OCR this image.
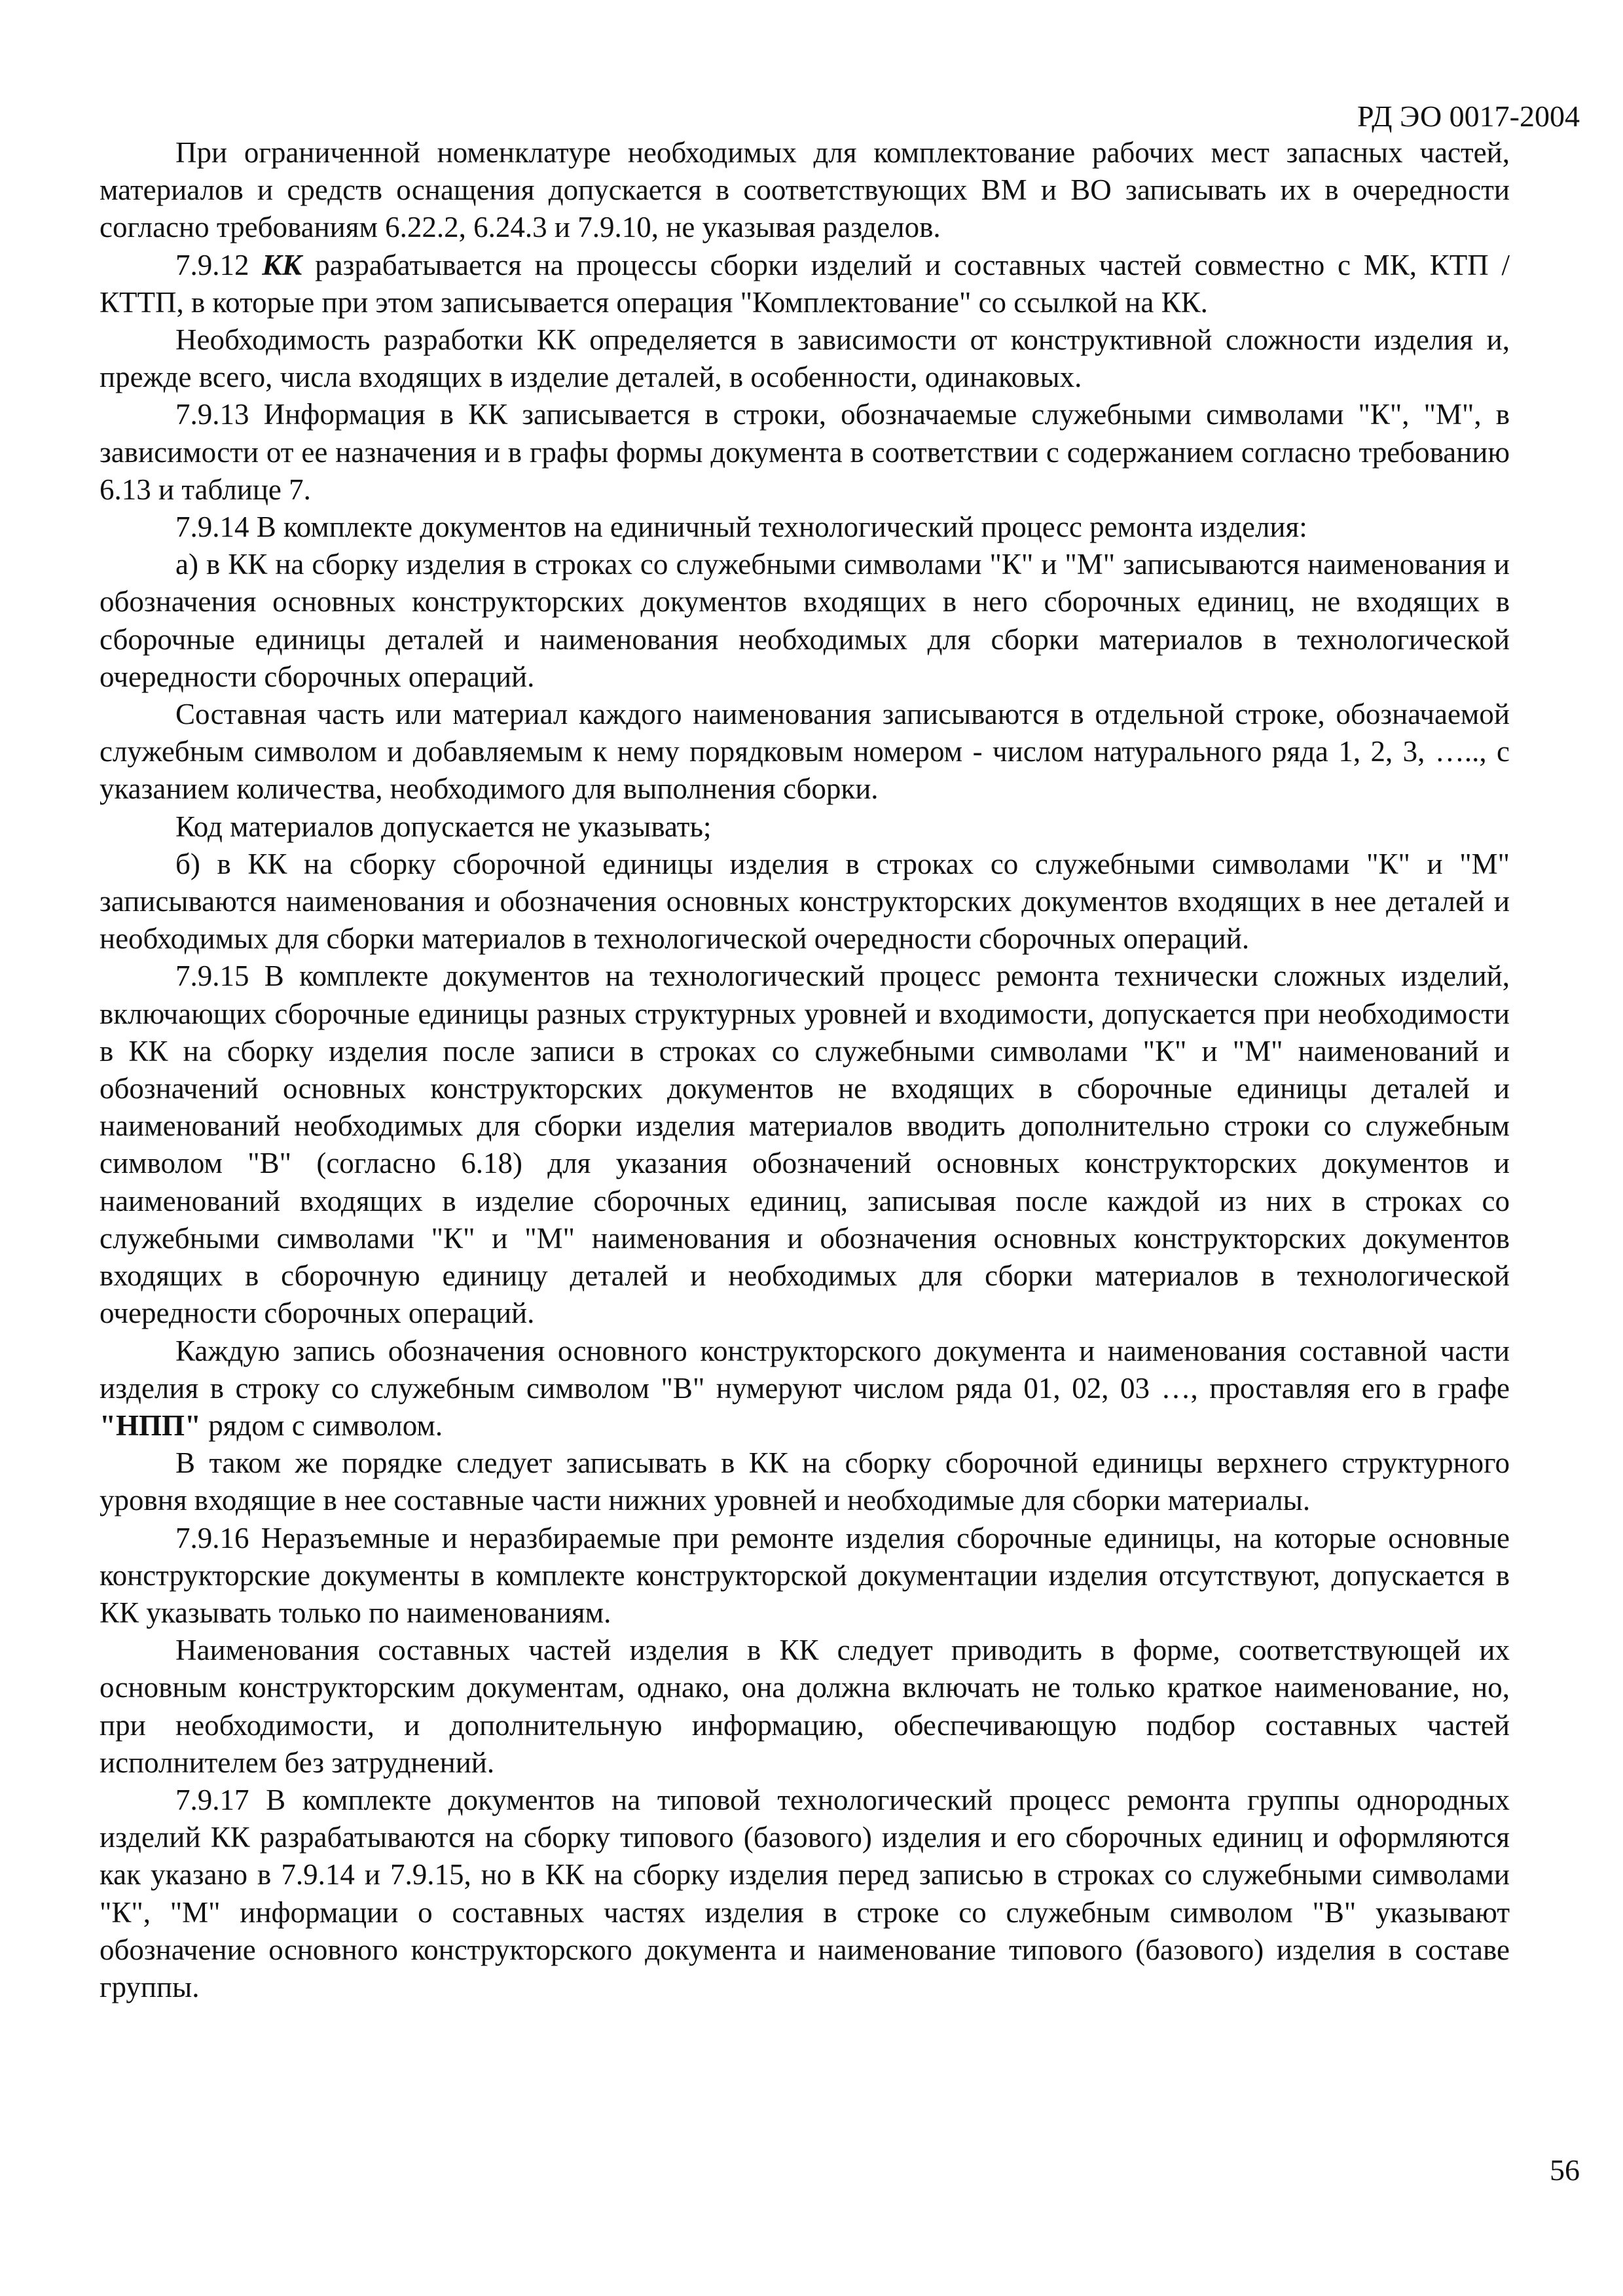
РД ЭО 0017-2004

При ограниченной номенклатуре необходимых для комплектование рабочих мест запасных частей, материалов и средств оснащения допускается в соответствующих ВМ и ВО записывать их в очередности согласно требованиям 6.22.2, 6.24.3 и 7.9.10, не указывая разделов.

7.9.12 КК разрабатывается на процессы сборки изделий и составных частей совместно с МК, КТП / КТТП, в которые при этом записывается операция "Комплектование" со ссылкой на КК.

Необходимость разработки КК определяется в зависимости от конструктивной сложности изделия и, прежде всего, числа входящих в изделие деталей, в особенности, одинаковых.

7.9.13 Информация в КК записывается в строки, обозначаемые служебными символами "К", "М", в зависимости от ее назначения и в графы формы документа в соответствии с содержанием согласно требованию 6.13 и таблице 7.

7.9.14 В комплекте документов на единичный технологический процесс ремонта изделия:

а) в КК на сборку изделия в строках со служебными символами "К" и "М" записываются наименования и обозначения основных конструкторских документов входящих в него сборочных единиц, не входящих в сборочные единицы деталей и наименования необходимых для сборки материалов в технологической очередности сборочных операций.

Составная часть или материал каждого наименования записываются в отдельной строке, обозначаемой служебным символом и добавляемым к нему порядковым номером - числом натурального ряда 1, 2, 3, ….., с указанием количества, необходимого для выполнения сборки.

Код материалов допускается не указывать;

б) в КК на сборку сборочной единицы изделия в строках со служебными символами "К" и "М" записываются наименования и обозначения основных конструкторских документов входящих в нее деталей и необходимых для сборки материалов в технологической очередности сборочных операций.

7.9.15 В комплекте документов на технологический процесс ремонта технически сложных изделий, включающих сборочные единицы разных структурных уровней и входимости, допускается при необходимости в КК на сборку изделия после записи в строках со служебными символами "К" и "М" наименований и обозначений основных конструкторских документов не входящих в сборочные единицы деталей и наименований необходимых для сборки изделия материалов вводить дополнительно строки со служебным символом "В" (согласно 6.18) для указания обозначений основных конструкторских документов и наименований входящих в изделие сборочных единиц, записывая после каждой из них в строках со служебными символами "К" и "М" наименования и обозначения основных конструкторских документов входящих в сборочную единицу деталей и необходимых для сборки материалов в технологической очередности сборочных операций.

Каждую запись обозначения основного конструкторского документа и наименования составной части изделия в строку со служебным символом "В" нумеруют числом ряда 01, 02, 03 …, проставляя его в графе "НПП" рядом с символом.

В таком же порядке следует записывать в КК на сборку сборочной единицы верхнего структурного уровня входящие в нее составные части нижних уровней и необходимые для сборки материалы.

7.9.16 Неразъемные и неразбираемые при ремонте изделия сборочные единицы, на которые основные конструкторские документы в комплекте конструкторской документации изделия отсутствуют, допускается в КК указывать только по наименованиям.

Наименования составных частей изделия в КК следует приводить в форме, соответствующей их основным конструкторским документам, однако, она должна включать не только краткое наименование, но, при необходимости, и дополнительную информацию, обеспечивающую подбор составных частей исполнителем без затруднений.

7.9.17 В комплекте документов на типовой технологический процесс ремонта группы однородных изделий КК разрабатываются на сборку типового (базового) изделия и его сборочных единиц и оформляются как указано в 7.9.14 и 7.9.15, но в КК на сборку изделия перед записью в строках со служебными символами "К", "М" информации о составных частях изделия в строке со служебным символом "В" указывают обозначение основного конструкторского документа и наименование типового (базового) изделия в составе группы.

56
